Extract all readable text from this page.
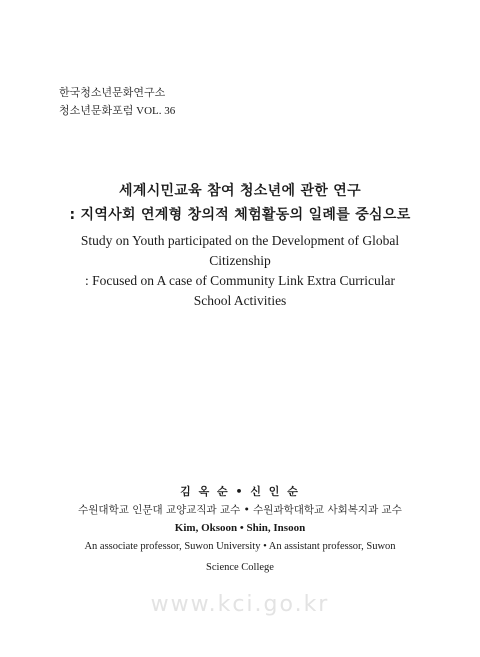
한국청소년문화연구소
청소년문화포럼 VOL. 36
세계시민교육 참여 청소년에 관한 연구
: 지역사회 연계형 창의적 체험활동의 일례를 중심으로
Study on Youth participated on the Development of Global
Citizenship
: Focused on A case of Community Link Extra Curricular
School Activities
김 옥 순 • 신 인 순
수원대학교 인문대 교양교직과 교수 • 수원과학대학교 사회복지과 교수
Kim, Oksoon • Shin, Insoon
An associate professor, Suwon University • An assistant professor, Suwon
Science College
www.kci.go.kr
